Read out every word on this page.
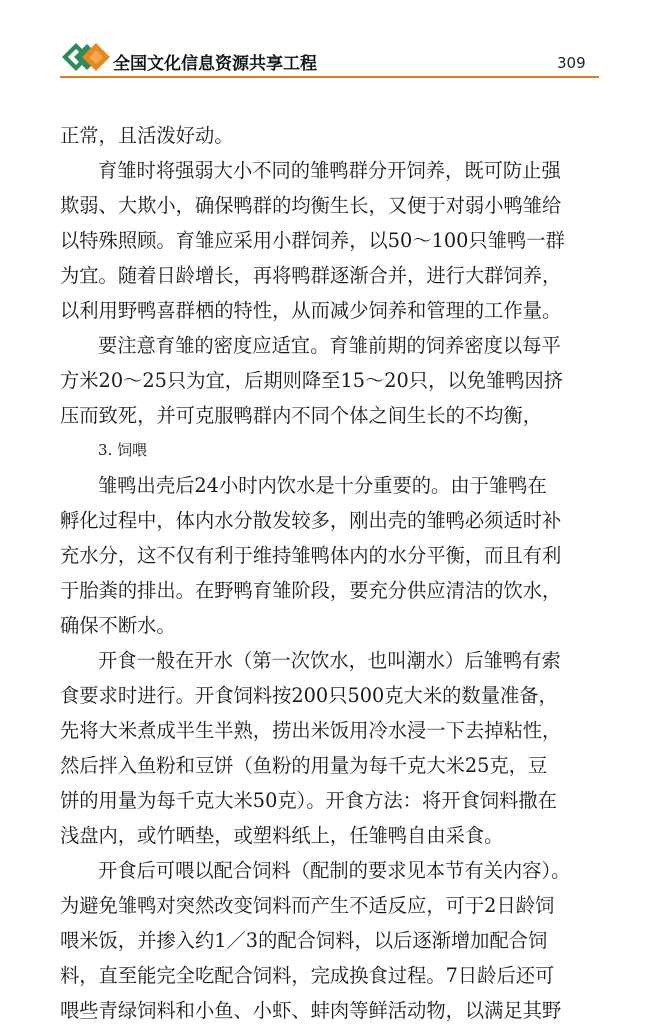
全国文化信息资源共享工程	309
正常，且活泼好动。
育雏时将强弱大小不同的雏鸭群分开饲养，既可防止强
欺弱、大欺小，确保鸭群的均衡生长，又便于对弱小鸭雏给
以特殊照顾。育雏应采用小群饲养，以50～100只雏鸭一群
为宜。随着日龄增长，再将鸭群逐渐合并，进行大群饲养，
以利用野鸭喜群栖的特性，从而减少饲养和管理的工作量。
要注意育雏的密度应适宜。育雏前期的饲养密度以每平
方米20～25只为宜，后期则降至15～20只，以免雏鸭因挤
压而致死，并可克服鸭群内不同个体之间生长的不均衡，
3. 饲喂
雏鸭出壳后24小时内饮水是十分重要的。由于雏鸭在
孵化过程中，体内水分散发较多，刚出壳的雏鸭必须适时补
充水分，这不仅有利于维持雏鸭体内的水分平衡，而且有利
于胎粪的排出。在野鸭育雏阶段，要充分供应清洁的饮水，
确保不断水。
开食一般在开水（第一次饮水，也叫潮水）后雏鸭有索
食要求时进行。开食饲料按200只500克大米的数量准备，
先将大米煮成半生半熟，捞出米饭用冷水浸一下去掉粘性，
然后拌入鱼粉和豆饼（鱼粉的用量为每千克大米25克，豆
饼的用量为每千克大米50克）。开食方法：将开食饲料撒在
浅盘内，或竹晒垫，或塑料纸上，任雏鸭自由采食。
开食后可喂以配合饲料（配制的要求见本节有关内容）。
为避免雏鸭对突然改变饲料而产生不适反应，可于2日龄饲
喂米饭，并掺入约1／3的配合饲料，以后逐渐增加配合饲
料，直至能完全吃配合饲料，完成换食过程。7日龄后还可
喂些青绿饲料和小鱼、小虾、蚌肉等鲜活动物，以满足其野
